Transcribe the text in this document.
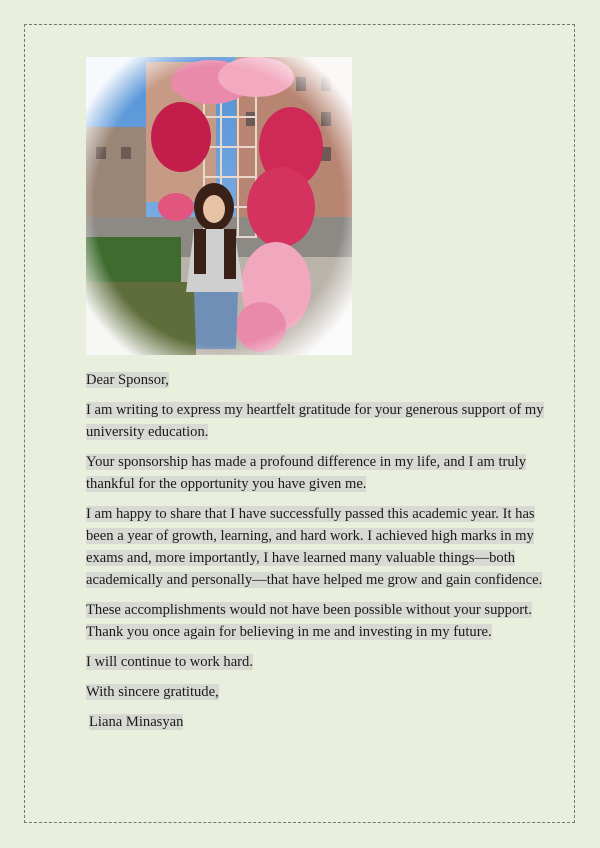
Dear Sponsor,

I am writing to express my heartfelt gratitude for your generous support of my university education.

Your sponsorship has made a profound difference in my life, and I am truly thankful for the opportunity you have given me.

I am happy to share that I have successfully passed this academic year. It has been a year of growth, learning, and hard work. I achieved high marks in my exams and, more importantly, I have learned many valuable things—both academically and personally—that have helped me grow and gain confidence.

These accomplishments would not have been possible without your support. Thank you once again for believing in me and investing in my future.

I will continue to work hard.

With sincere gratitude,

Liana Minasyan
